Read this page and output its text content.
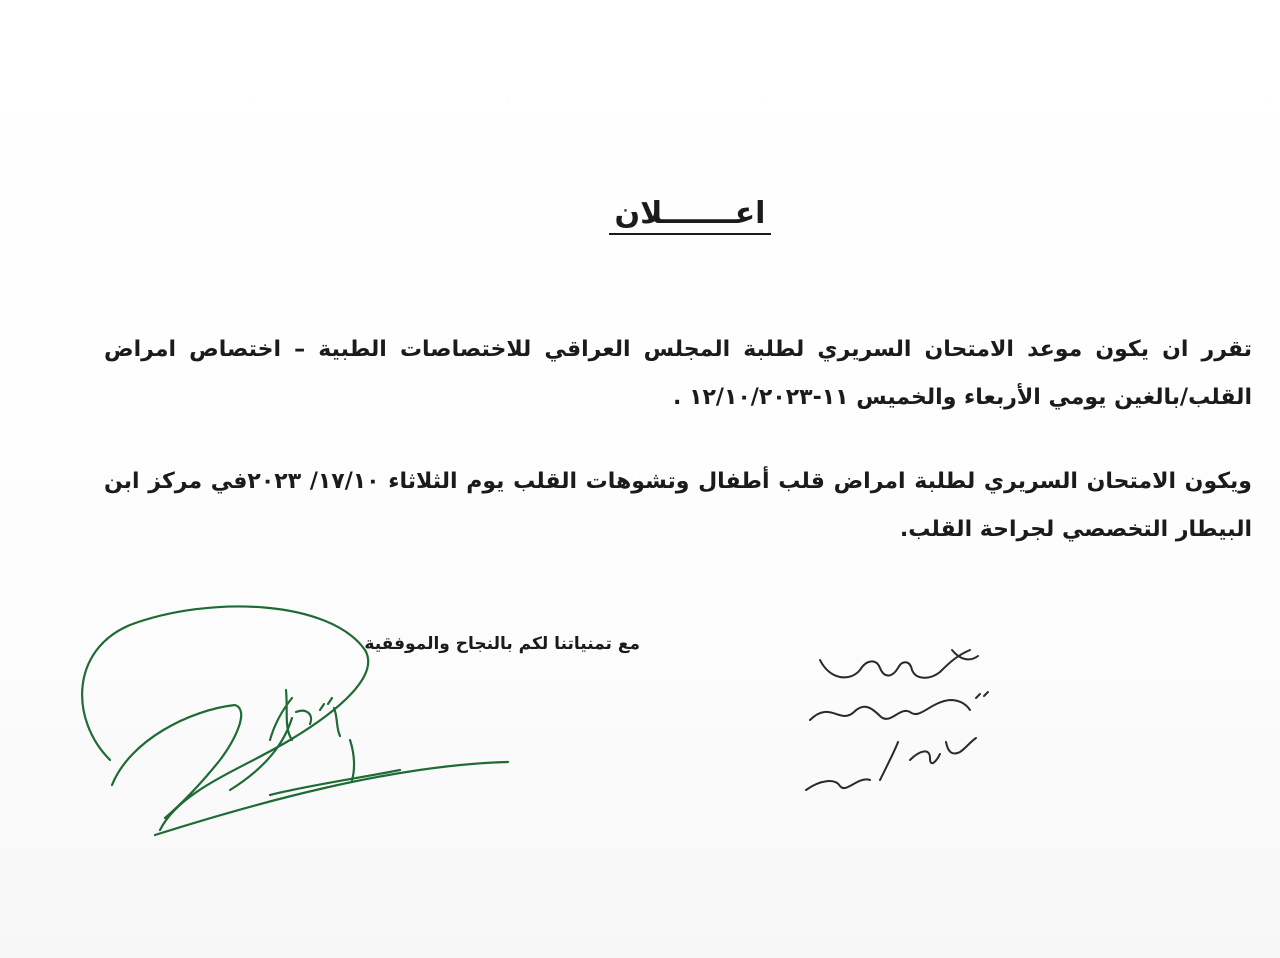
اعـــــــلان
تقرر ان يكون موعد الامتحان السريري لطلبة المجلس العراقي للاختصاصات الطبية – اختصاص امراض القلب/بالغين يومي الأربعاء والخميس ١١-١٢/١٠/٢٠٢٣ .
ويكون الامتحان السريري لطلبة امراض قلب أطفال وتشوهات القلب يوم الثلاثاء ١٧/١٠/ ٢٠٢٣في مركز ابن البيطار التخصصي لجراحة القلب.
مع تمنياتنا لكم بالنجاح والموفقية
